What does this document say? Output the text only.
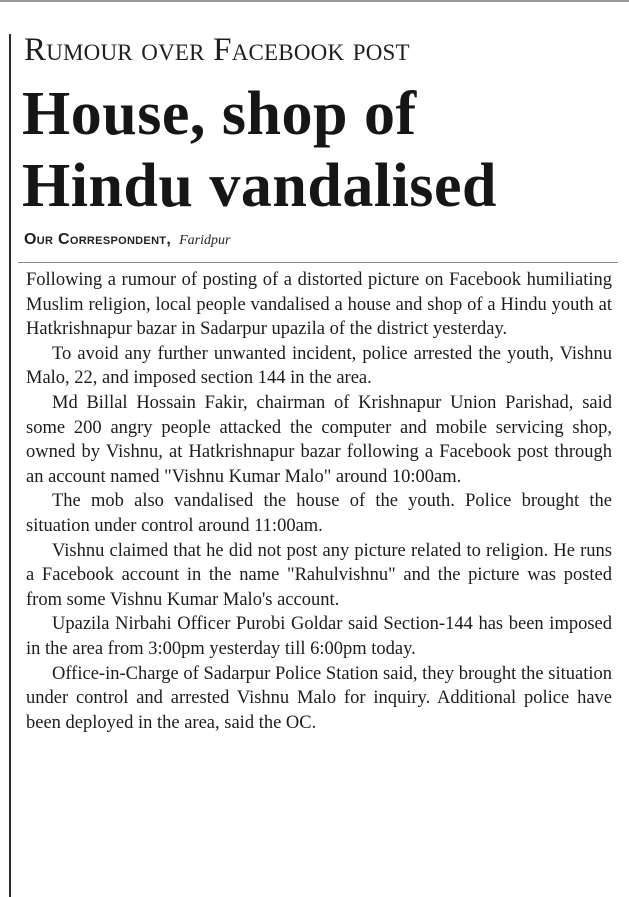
Rumour over Facebook post
House, shop of
Hindu vandalised
Our Correspondent, Faridpur

Following a rumour of posting of a distorted picture on Facebook humiliating Muslim religion, local people vandalised a house and shop of a Hindu youth at Hatkrishnapur bazar in Sadarpur upazila of the district yesterday.

To avoid any further unwanted incident, police arrested the youth, Vishnu Malo, 22, and imposed section 144 in the area.

Md Billal Hossain Fakir, chairman of Krishnapur Union Parishad, said some 200 angry people attacked the computer and mobile servicing shop, owned by Vishnu, at Hatkrishnapur bazar following a Facebook post through an account named "Vishnu Kumar Malo" around 10:00am.

The mob also vandalised the house of the youth. Police brought the situation under control around 11:00am.

Vishnu claimed that he did not post any picture related to religion. He runs a Facebook account in the name "Rahulvishnu" and the picture was posted from some Vishnu Kumar Malo's account.

Upazila Nirbahi Officer Purobi Goldar said Section-144 has been imposed in the area from 3:00pm yesterday till 6:00pm today.

Office-in-Charge of Sadarpur Police Station said, they brought the situation under control and arrested Vishnu Malo for inquiry. Additional police have been deployed in the area, said the OC.
